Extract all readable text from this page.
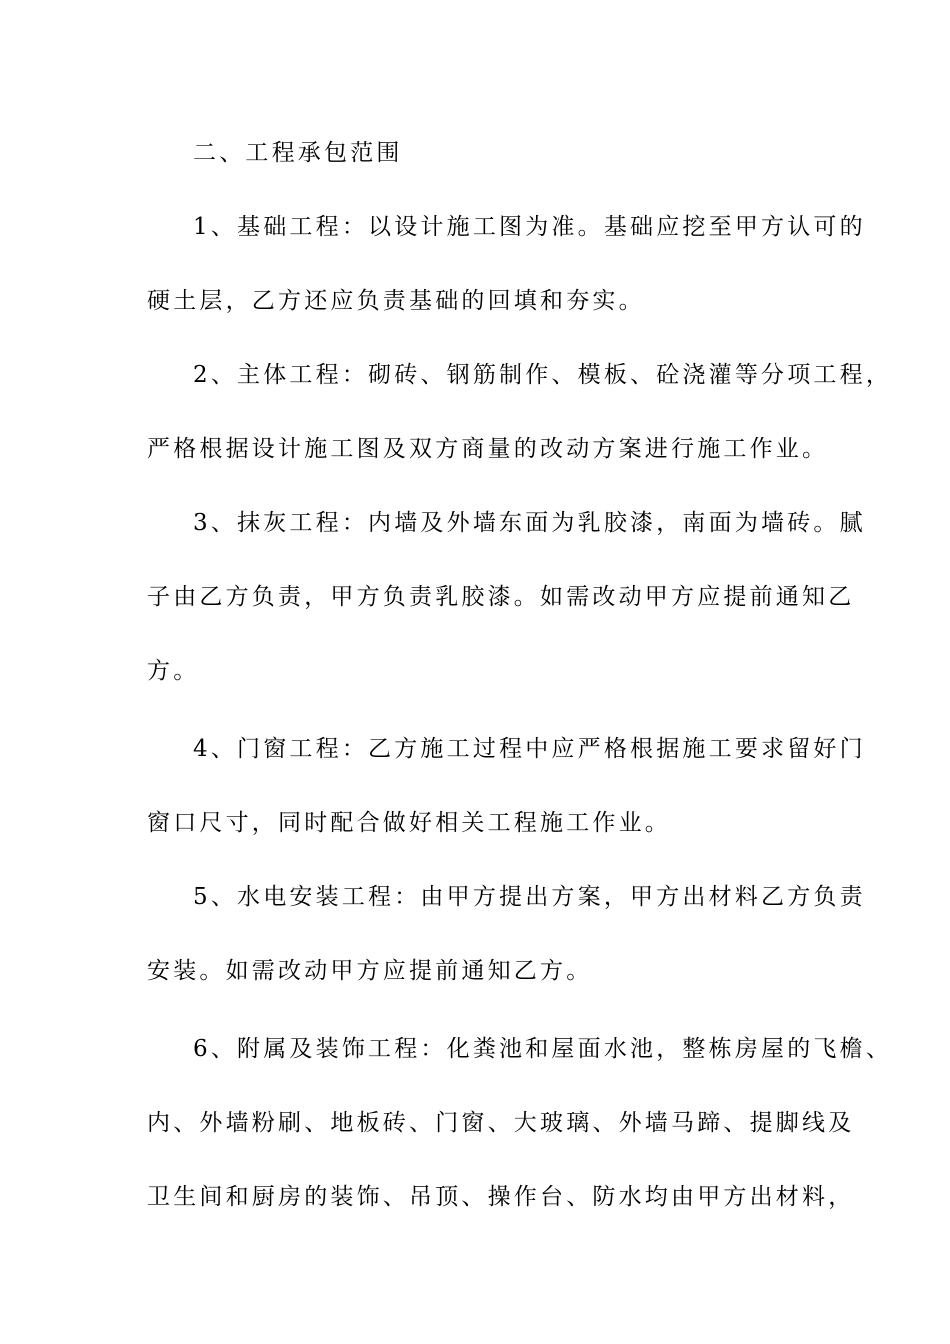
二、工程承包范围
1、基础工程：以设计施工图为准。基础应挖至甲方认可的
硬土层，乙方还应负责基础的回填和夯实。
2、主体工程：砌砖、钢筋制作、模板、砼浇灌等分项工程，
严格根据设计施工图及双方商量的改动方案进行施工作业。
3、抹灰工程：内墙及外墙东面为乳胶漆，南面为墙砖。腻
子由乙方负责，甲方负责乳胶漆。如需改动甲方应提前通知乙
方。
4、门窗工程：乙方施工过程中应严格根据施工要求留好门
窗口尺寸，同时配合做好相关工程施工作业。
5、水电安装工程：由甲方提出方案，甲方出材料乙方负责
安装。如需改动甲方应提前通知乙方。
6、附属及装饰工程：化粪池和屋面水池，整栋房屋的飞檐、
内、外墙粉刷、地板砖、门窗、大玻璃、外墙马蹄、提脚线及
卫生间和厨房的装饰、吊顶、操作台、防水均由甲方出材料，
